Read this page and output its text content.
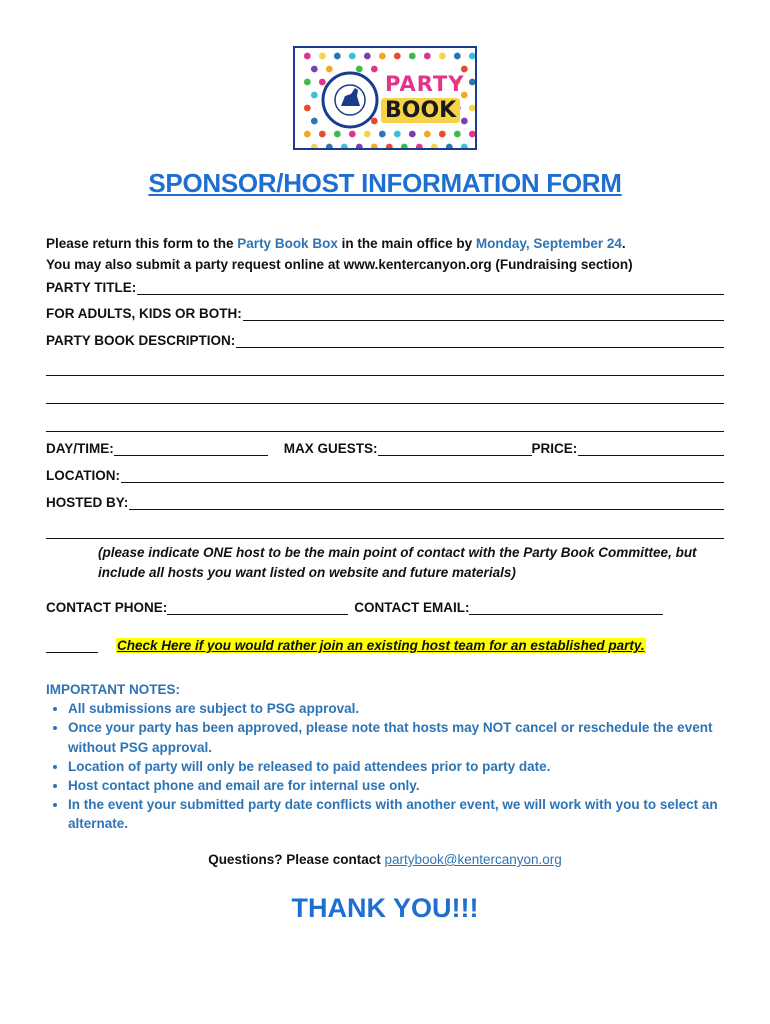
PARTY
BOOK
SPONSOR/HOST INFORMATION FORM
Please return this form to the Party Book Box in the main office by Monday, September 24.
You may also submit a party request online at www.kentercanyon.org (Fundraising section)
PARTY TITLE:
FOR ADULTS, KIDS OR BOTH:
PARTY BOOK DESCRIPTION:
DAY/TIME:	MAX GUESTS:	PRICE:
LOCATION:
HOSTED BY:
(please indicate ONE host to be the main point of contact with the Party Book Committee, but include all hosts you want listed on website and future materials)
CONTACT PHONE:	CONTACT EMAIL:
Check Here if you would rather join an existing host team for an established party.
IMPORTANT NOTES:
• All submissions are subject to PSG approval.
• Once your party has been approved, please note that hosts may NOT cancel or reschedule the event without PSG approval.
• Location of party will only be released to paid attendees prior to party date.
• Host contact phone and email are for internal use only.
• In the event your submitted party date conflicts with another event, we will work with you to select an alternate.
Questions? Please contact partybook@kentercanyon.org
THANK YOU!!!
